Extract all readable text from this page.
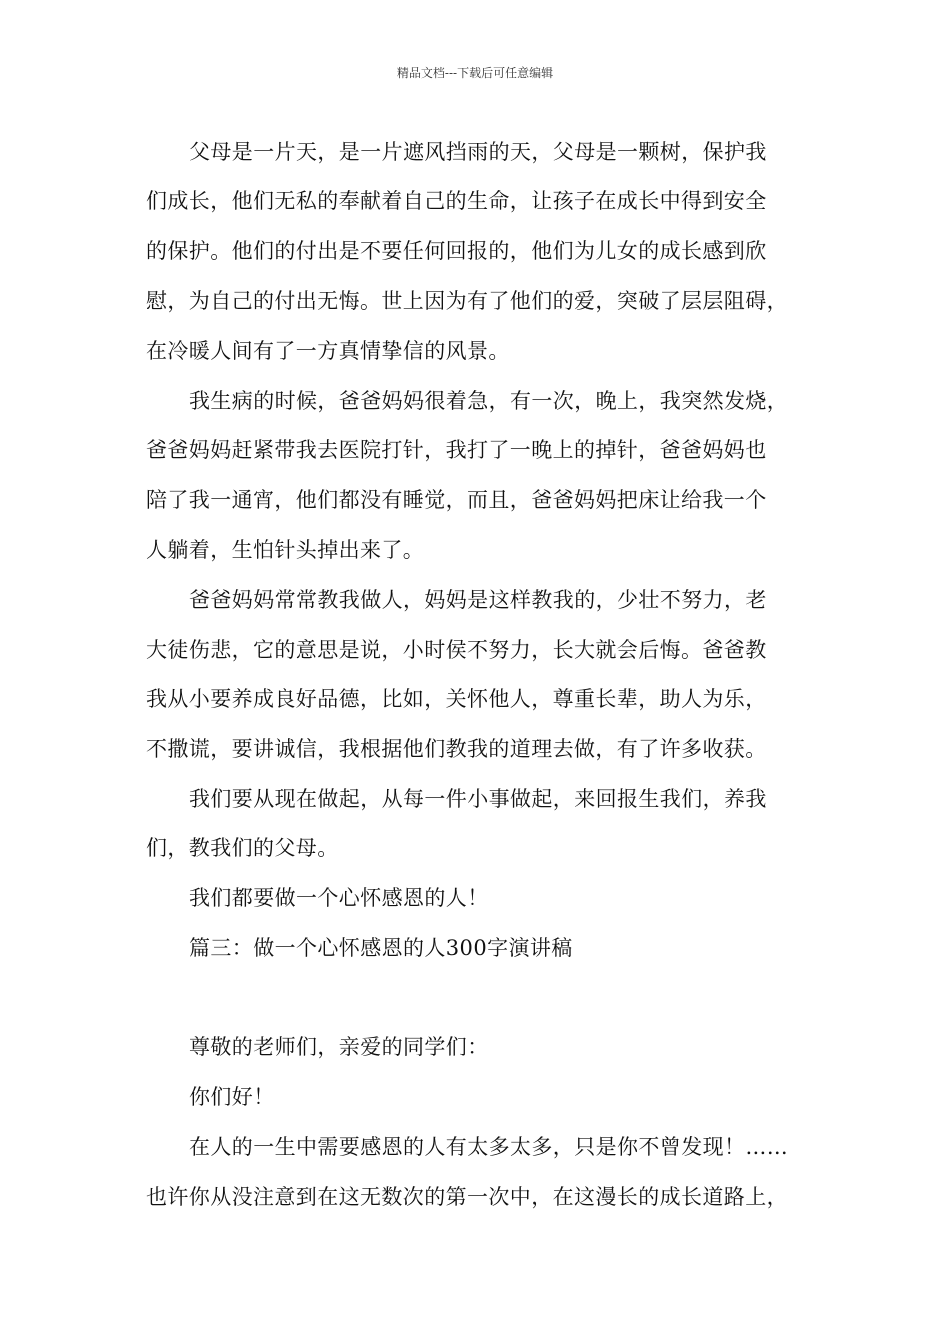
精品文档---下载后可任意编辑
父母是一片天，是一片遮风挡雨的天，父母是一颗树，保护我
们成长，他们无私的奉献着自己的生命，让孩子在成长中得到安全
的保护。他们的付出是不要任何回报的，他们为儿女的成长感到欣
慰，为自己的付出无悔。世上因为有了他们的爱，突破了层层阻碍，
在冷暖人间有了一方真情挚信的风景。
我生病的时候，爸爸妈妈很着急，有一次，晚上，我突然发烧，
爸爸妈妈赶紧带我去医院打针，我打了一晚上的掉针，爸爸妈妈也
陪了我一通宵，他们都没有睡觉，而且，爸爸妈妈把床让给我一个
人躺着，生怕针头掉出来了。
爸爸妈妈常常教我做人，妈妈是这样教我的，少壮不努力，老
大徒伤悲，它的意思是说，小时侯不努力，长大就会后悔。爸爸教
我从小要养成良好品德，比如，关怀他人，尊重长辈，助人为乐，
不撒谎，要讲诚信，我根据他们教我的道理去做，有了许多收获。
我们要从现在做起，从每一件小事做起，来回报生我们，养我
们，教我们的父母。
我们都要做一个心怀感恩的人！
篇三：做一个心怀感恩的人300字演讲稿
尊敬的老师们，亲爱的同学们：
你们好！
在人的一生中需要感恩的人有太多太多，只是你不曾发现！……
也许你从没注意到在这无数次的第一次中，在这漫长的成长道路上，
